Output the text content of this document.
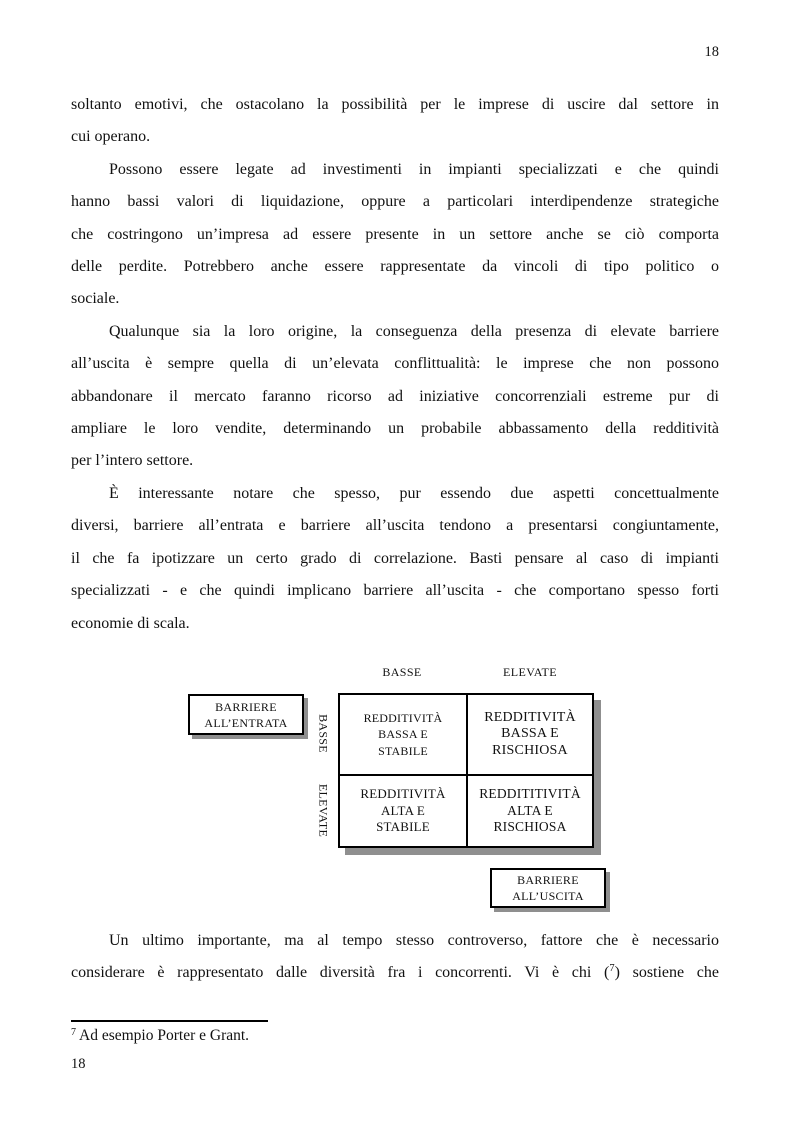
18
soltanto emotivi, che ostacolano la possibilità per le imprese di uscire dal settore in
cui operano.
Possono essere legate ad investimenti in impianti specializzati e che quindi
hanno bassi valori di liquidazione, oppure a particolari interdipendenze strategiche
che costringono un’impresa ad essere presente in un settore anche se ciò comporta
delle perdite. Potrebbero anche essere rappresentate da vincoli di tipo politico o
sociale.
Qualunque sia la loro origine, la conseguenza della presenza di elevate barriere
all’uscita è sempre quella di un’elevata conflittualità: le imprese che non possono
abbandonare il mercato faranno ricorso ad iniziative concorrenziali estreme pur di
ampliare le loro vendite, determinando un probabile abbassamento della redditività
per l’intero settore.
È interessante notare che spesso, pur essendo due aspetti concettualmente
diversi, barriere all’entrata e barriere all’uscita tendono a presentarsi congiuntamente,
il che fa ipotizzare un certo grado di correlazione. Basti pensare al caso di impianti
specializzati - e che quindi implicano barriere all’uscita - che comportano spesso forti
economie di scala.
BASSE	ELEVATE
BARRIERE
ALL’ENTRATA BASSE
ELEVATE
REDDITIVITÀ
BASSA E
STABILE
REDDITIVITÀ
BASSA E
RISCHIOSA
REDDITIVITÀ
ALTA E
STABILE
REDDITITIVITÀ
ALTA E
RISCHIOSA
BARRIERE
ALL’USCITA
Un ultimo importante, ma al tempo stesso controverso, fattore che è necessario
considerare è rappresentato dalle diversità fra i concorrenti. Vi è chi ($^7$) sostiene che
$^7$ Ad esempio Porter e Grant.
18
